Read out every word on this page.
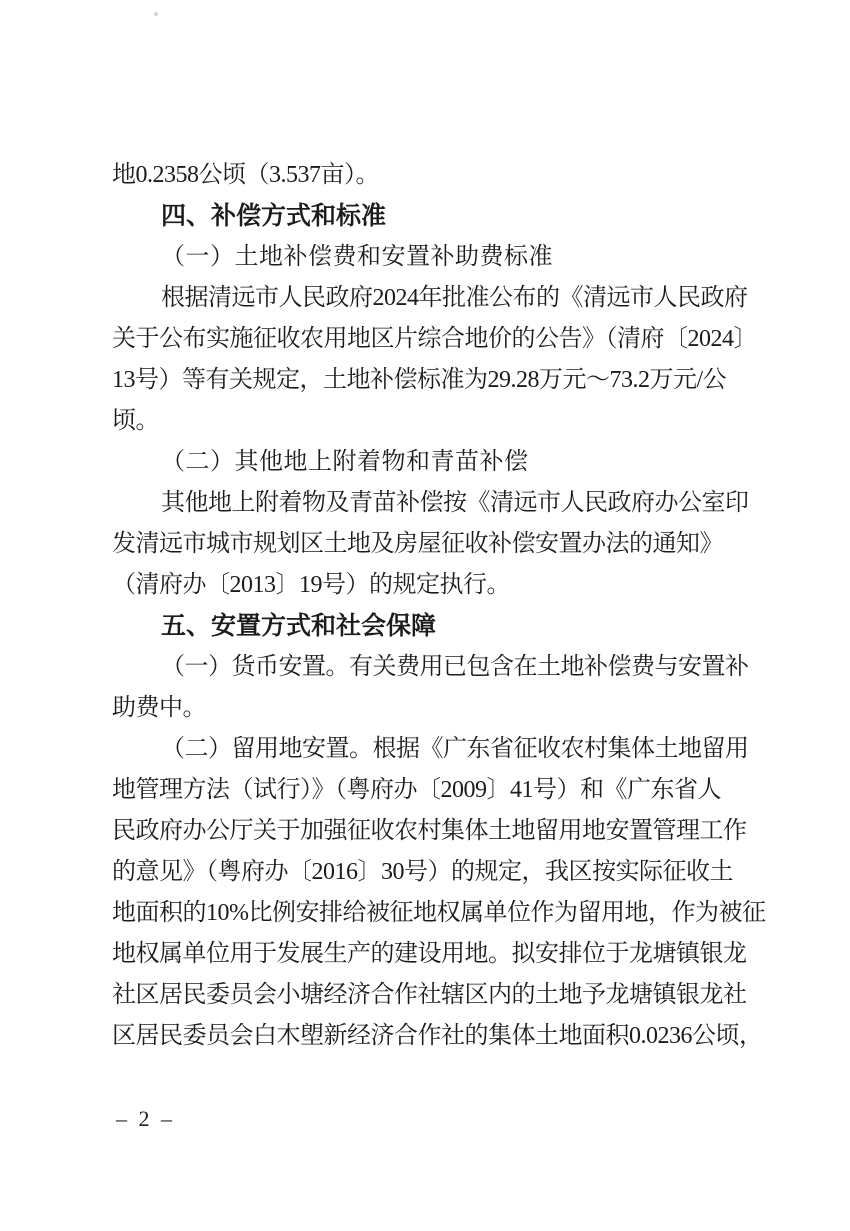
地0.2358公顷（3.537亩）。
四、补偿方式和标准
（一）土地补偿费和安置补助费标准
根据清远市人民政府2024年批准公布的《清远市人民政府
关于公布实施征收农用地区片综合地价的公告》（清府〔2024〕
13号）等有关规定，土地补偿标准为29.28万元～73.2万元/公
顷。
（二）其他地上附着物和青苗补偿
其他地上附着物及青苗补偿按《清远市人民政府办公室印
发清远市城市规划区土地及房屋征收补偿安置办法的通知》
（清府办〔2013〕19号）的规定执行。
五、安置方式和社会保障
（一）货币安置。有关费用已包含在土地补偿费与安置补
助费中。
（二）留用地安置。根据《广东省征收农村集体土地留用
地管理方法（试行）》（粤府办〔2009〕41号）和《广东省人
民政府办公厅关于加强征收农村集体土地留用地安置管理工作
的意见》（粤府办〔2016〕30号）的规定，我区按实际征收土
地面积的10%比例安排给被征地权属单位作为留用地，作为被征
地权属单位用于发展生产的建设用地。拟安排位于龙塘镇银龙
社区居民委员会小塘经济合作社辖区内的土地予龙塘镇银龙社
区居民委员会白木塱新经济合作社的集体土地面积0.0236公顷，
– 2 –
